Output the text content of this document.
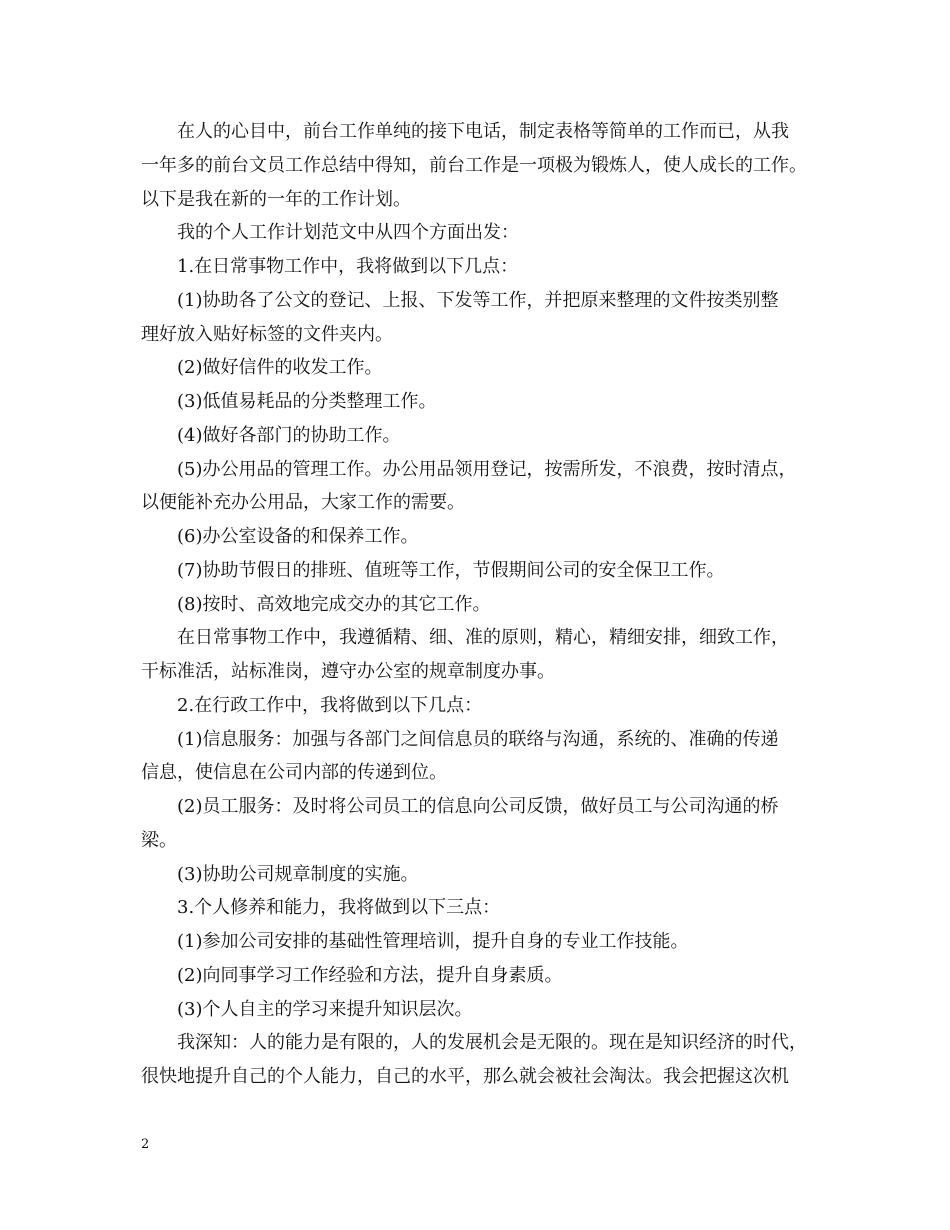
在人的心目中，前台工作单纯的接下电话，制定表格等简单的工作而已，从我
一年多的前台文员工作总结中得知，前台工作是一项极为锻炼人，使人成长的工作。
以下是我在新的一年的工作计划。
我的个人工作计划范文中从四个方面出发：
1.在日常事物工作中，我将做到以下几点：
(1)协助各了公文的登记、上报、下发等工作，并把原来整理的文件按类别整
理好放入贴好标签的文件夹内。
(2)做好信件的收发工作。
(3)低值易耗品的分类整理工作。
(4)做好各部门的协助工作。
(5)办公用品的管理工作。办公用品领用登记，按需所发，不浪费，按时清点，
以便能补充办公用品，大家工作的需要。
(6)办公室设备的和保养工作。
(7)协助节假日的排班、值班等工作，节假期间公司的安全保卫工作。
(8)按时、高效地完成交办的其它工作。
在日常事物工作中，我遵循精、细、准的原则，精心，精细安排，细致工作，
干标准活，站标准岗，遵守办公室的规章制度办事。
2.在行政工作中，我将做到以下几点：
(1)信息服务：加强与各部门之间信息员的联络与沟通，系统的、准确的传递
信息，使信息在公司内部的传递到位。
(2)员工服务：及时将公司员工的信息向公司反馈，做好员工与公司沟通的桥
梁。
(3)协助公司规章制度的实施。
3.个人修养和能力，我将做到以下三点：
(1)参加公司安排的基础性管理培训，提升自身的专业工作技能。
(2)向同事学习工作经验和方法，提升自身素质。
(3)个人自主的学习来提升知识层次。
我深知：人的能力是有限的，人的发展机会是无限的。现在是知识经济的时代，
很快地提升自己的个人能力，自己的水平，那么就会被社会淘汰。我会把握这次机
2
